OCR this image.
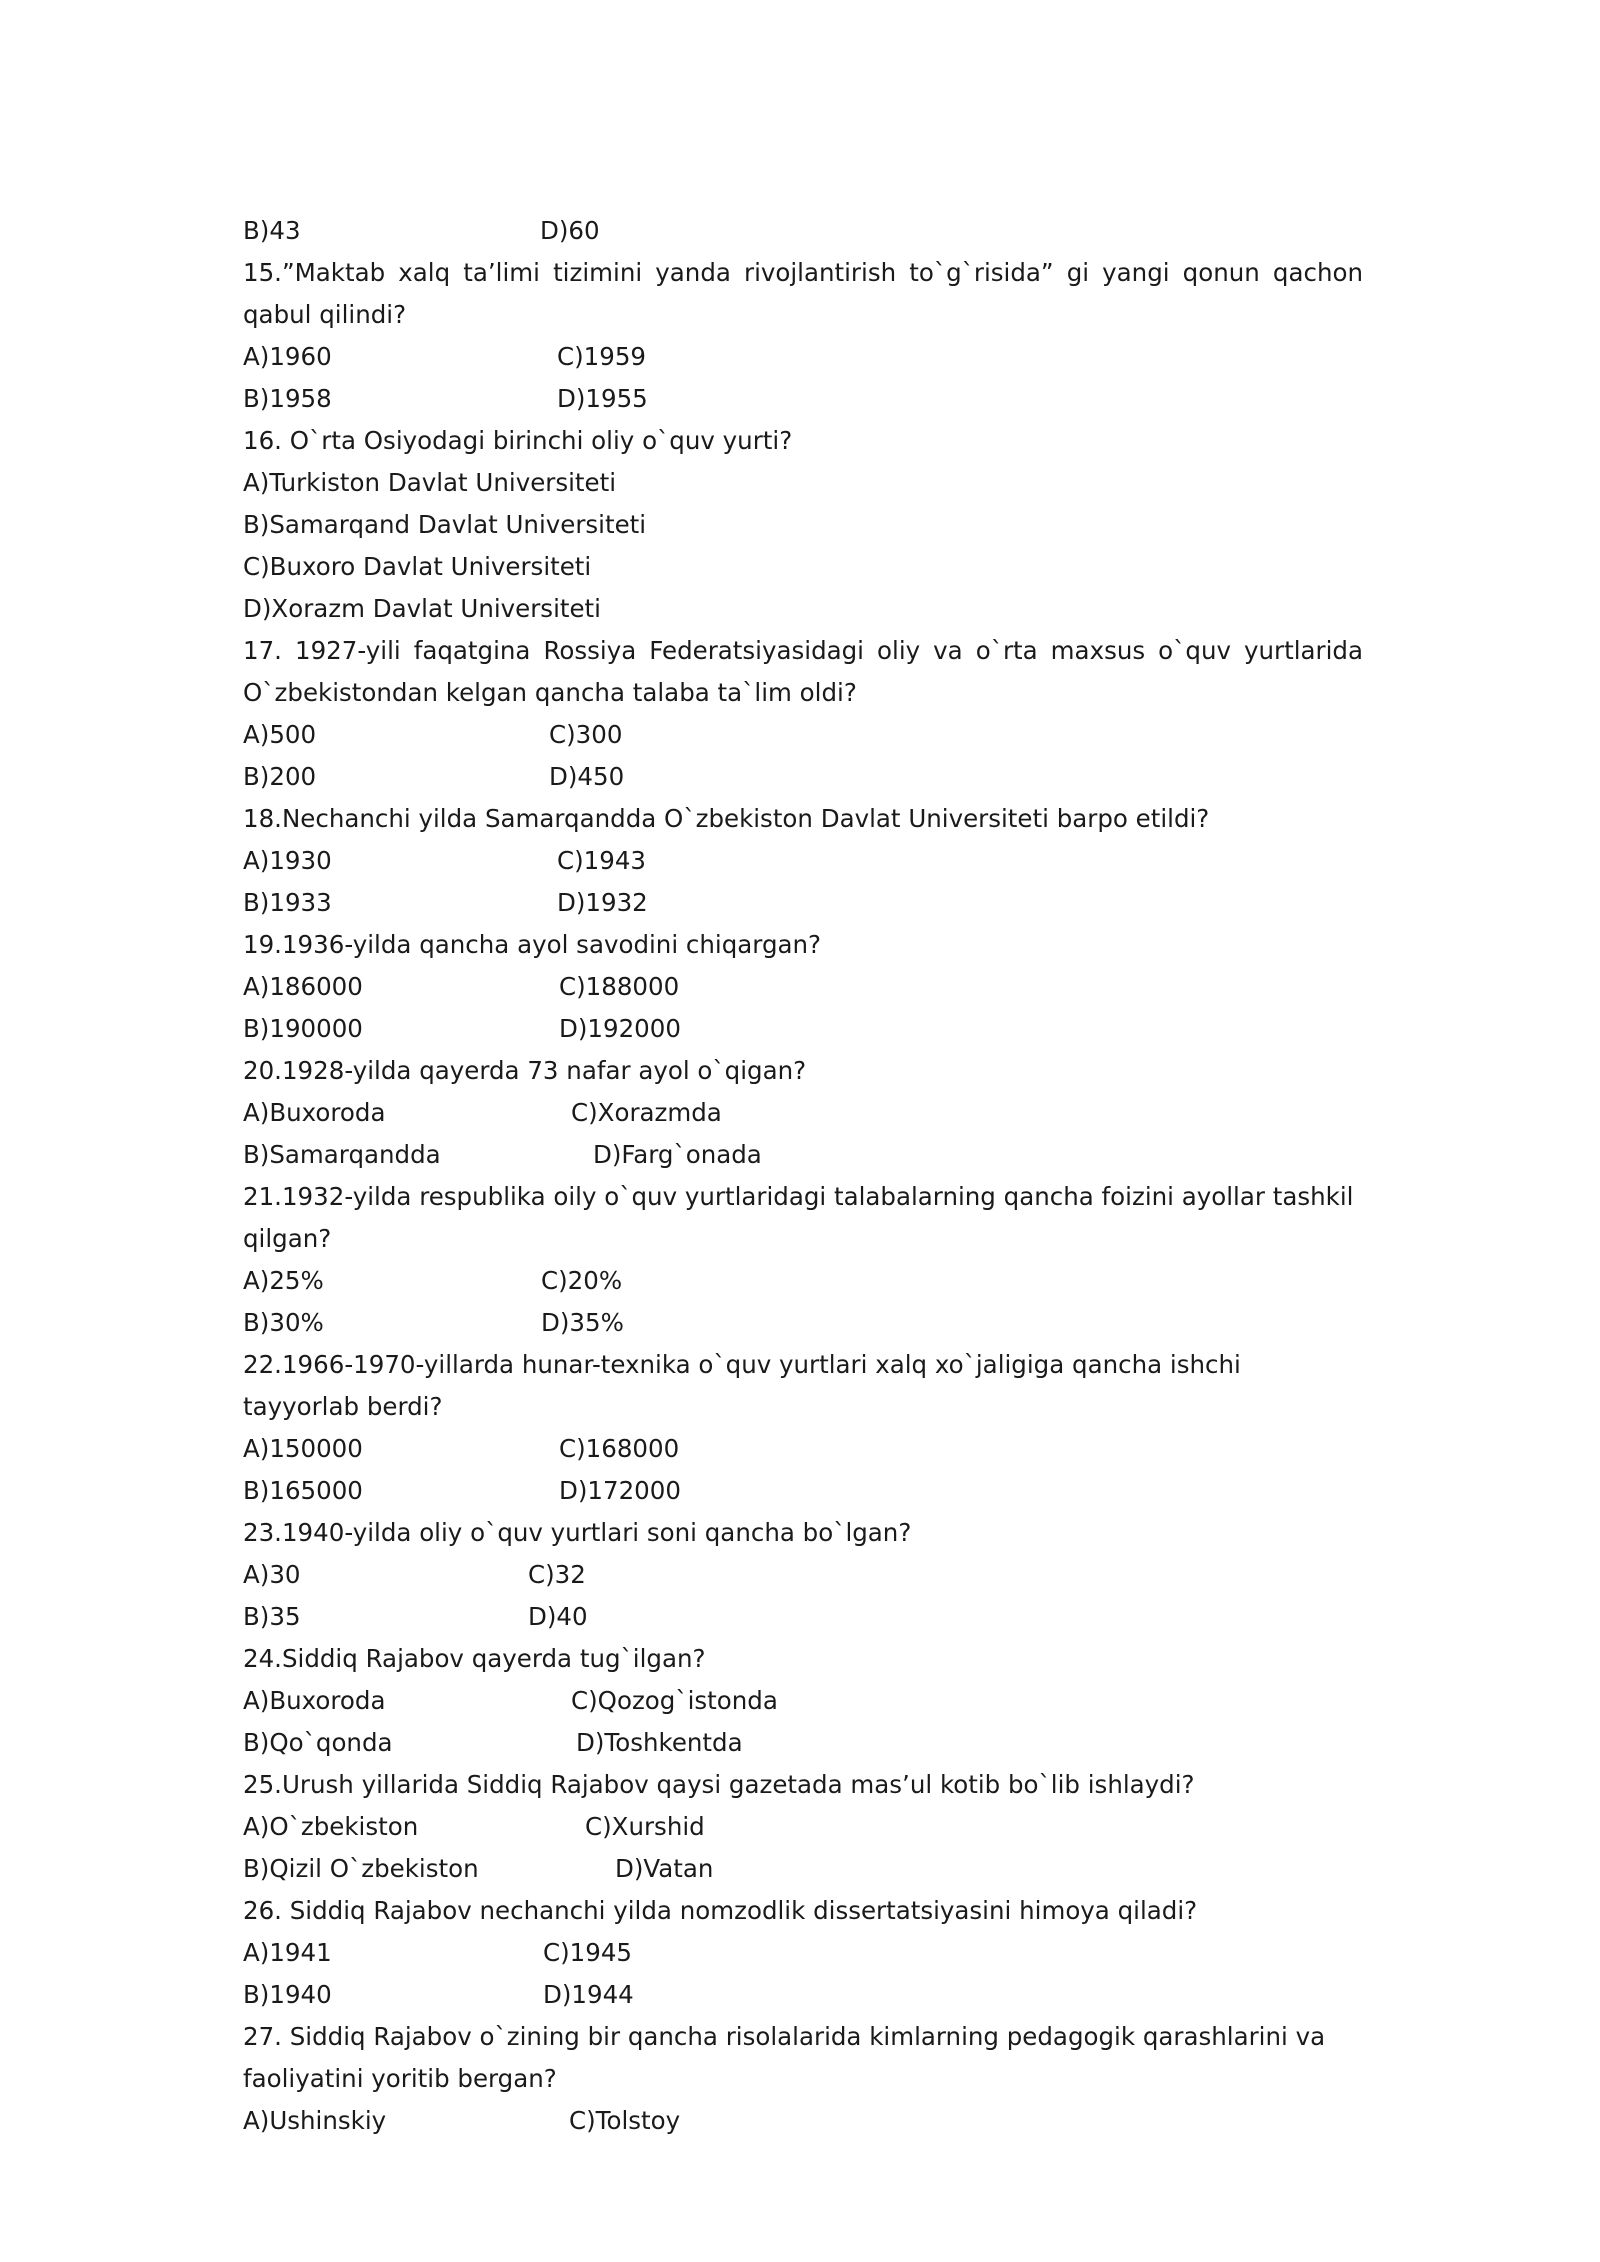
B)43	D)60
15.”Maktab xalq ta’limi tizimini yanda rivojlantirish to`g`risida” gi yangi qonun qachon qabul qilindi?
A)1960	C)1959
B)1958	D)1955
16. O`rta Osiyodagi birinchi oliy o`quv yurti?
A)Turkiston Davlat Universiteti
B)Samarqand Davlat Universiteti
C)Buxoro Davlat Universiteti
D)Xorazm Davlat Universiteti
17. 1927-yili faqatgina Rossiya Federatsiyasidagi oliy va o`rta maxsus o`quv yurtlarida O`zbekistondan kelgan qancha talaba ta`lim oldi?
A)500	C)300
B)200	D)450
18.Nechanchi yilda Samarqandda O`zbekiston Davlat Universiteti barpo etildi?
A)1930	C)1943
B)1933	D)1932
19.1936-yilda qancha ayol savodini chiqargan?
A)186000	C)188000
B)190000	D)192000
20.1928-yilda qayerda 73 nafar ayol o`qigan?
A)Buxoroda	C)Xorazmda
B)Samarqandda	D)Farg`onada
21.1932-yilda respublika oily o`quv yurtlaridagi talabalarning qancha foizini ayollar tashkil qilgan?
A)25%	C)20%
B)30%	D)35%
22.1966-1970-yillarda hunar-texnika o`quv yurtlari xalq xo`jaligiga qancha ishchi tayyorlab berdi?
A)150000	C)168000
B)165000	D)172000
23.1940-yilda oliy o`quv yurtlari soni qancha bo`lgan?
A)30	C)32
B)35	D)40
24.Siddiq Rajabov qayerda tug`ilgan?
A)Buxoroda	C)Qozog`istonda
B)Qo`qonda	D)Toshkentda
25.Urush yillarida Siddiq Rajabov qaysi gazetada mas’ul kotib bo`lib ishlaydi?
A)O`zbekiston	C)Xurshid
B)Qizil O`zbekiston	D)Vatan
26. Siddiq Rajabov nechanchi yilda nomzodlik dissertatsiyasini himoya qiladi?
A)1941	C)1945
B)1940	D)1944
27. Siddiq Rajabov o`zining bir qancha risolalarida kimlarning pedagogik qarashlarini va faoliyatini yoritib bergan?
A)Ushinskiy	C)Tolstoy
